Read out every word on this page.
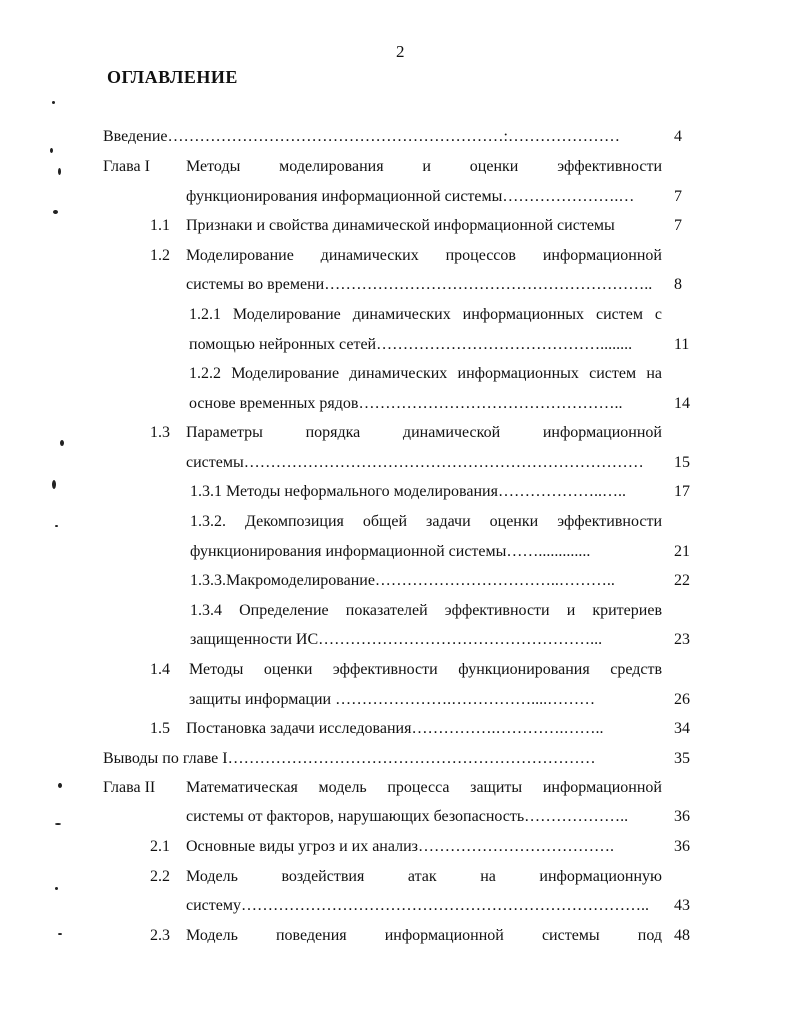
2
ОГЛАВЛЕНИЕ
Введение………………………………………………………:…………………	4
Глава I Методы моделирования и оценки эффективности
функционирования информационной системы………………….…	7
1.1 Признаки и свойства динамической информационной системы	7
1.2 Моделирование динамических процессов информационной
системы во времени……………………………………………………..	8
1.2.1 Моделирование динамических информационных систем с
помощью нейронных сетей……………………………………........	11
1.2.2 Моделирование динамических информационных систем на
основе временных рядов…………………………………………..	14
1.3 Параметры порядка динамической информационной
системы…………………………………………………………………	15
1.3.1 Методы неформального моделирования………………..…..	17
1.3.2. Декомпозиция общей задачи оценки эффективности
функционирования информационной системы…….............	21
1.3.3.Макромоделирование……………………………..………..	22
1.3.4 Определение показателей эффективности и критериев
защищенности ИС……………………………………………...	23
1.4 Методы оценки эффективности функционирования средств
защиты информации ………………….……………....………	26
1.5 Постановка задачи исследования…………….………….……..	34
Выводы по главе I……………………………………………………………	35
Глава II Математическая модель процесса защиты информационной
системы от факторов, нарушающих безопасность………………..	36
2.1 Основные виды угроз и их анализ……………………………….	36
2.2 Модель воздействия атак на информационную
систему…………………………………………………………………..	43
2.3 Модель поведения информационной системы под 48
